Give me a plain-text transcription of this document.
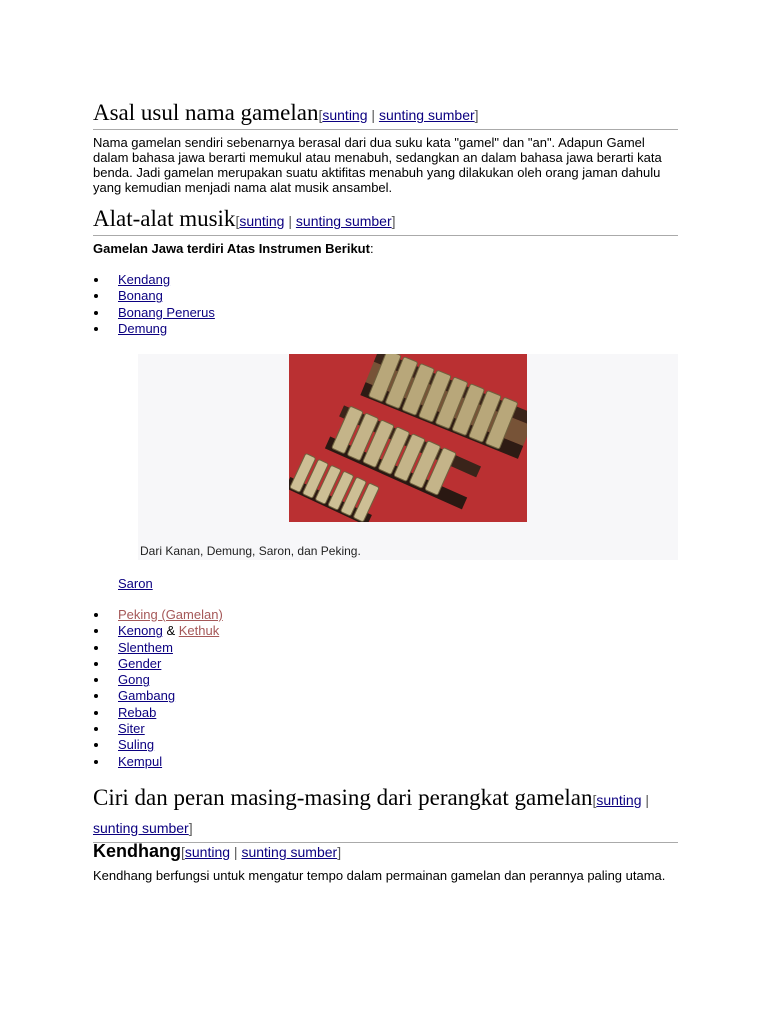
Asal usul nama gamelan[sunting | sunting sumber]

Nama gamelan sendiri sebenarnya berasal dari dua suku kata "gamel" dan "an". Adapun Gamel dalam bahasa jawa berarti memukul atau menabuh, sedangkan an dalam bahasa jawa berarti kata benda. Jadi gamelan merupakan suatu aktifitas menabuh yang dilakukan oleh orang jaman dahulu yang kemudian menjadi nama alat musik ansambel.

Alat-alat musik[sunting | sunting sumber]

Gamelan Jawa terdiri Atas Instrumen Berikut:

Kendang
Bonang
Bonang Penerus
Demung
Dari Kanan, Demung, Saron, dan Peking.
Saron
Peking (Gamelan)
Kenong & Kethuk
Slenthem
Gender
Gong
Gambang
Rebab
Siter
Suling
Kempul
Ciri dan peran masing-masing dari perangkat gamelan[sunting | sunting sumber]
Kendhang[sunting | sunting sumber]

Kendhang berfungsi untuk mengatur tempo dalam permainan gamelan dan perannya paling utama.
